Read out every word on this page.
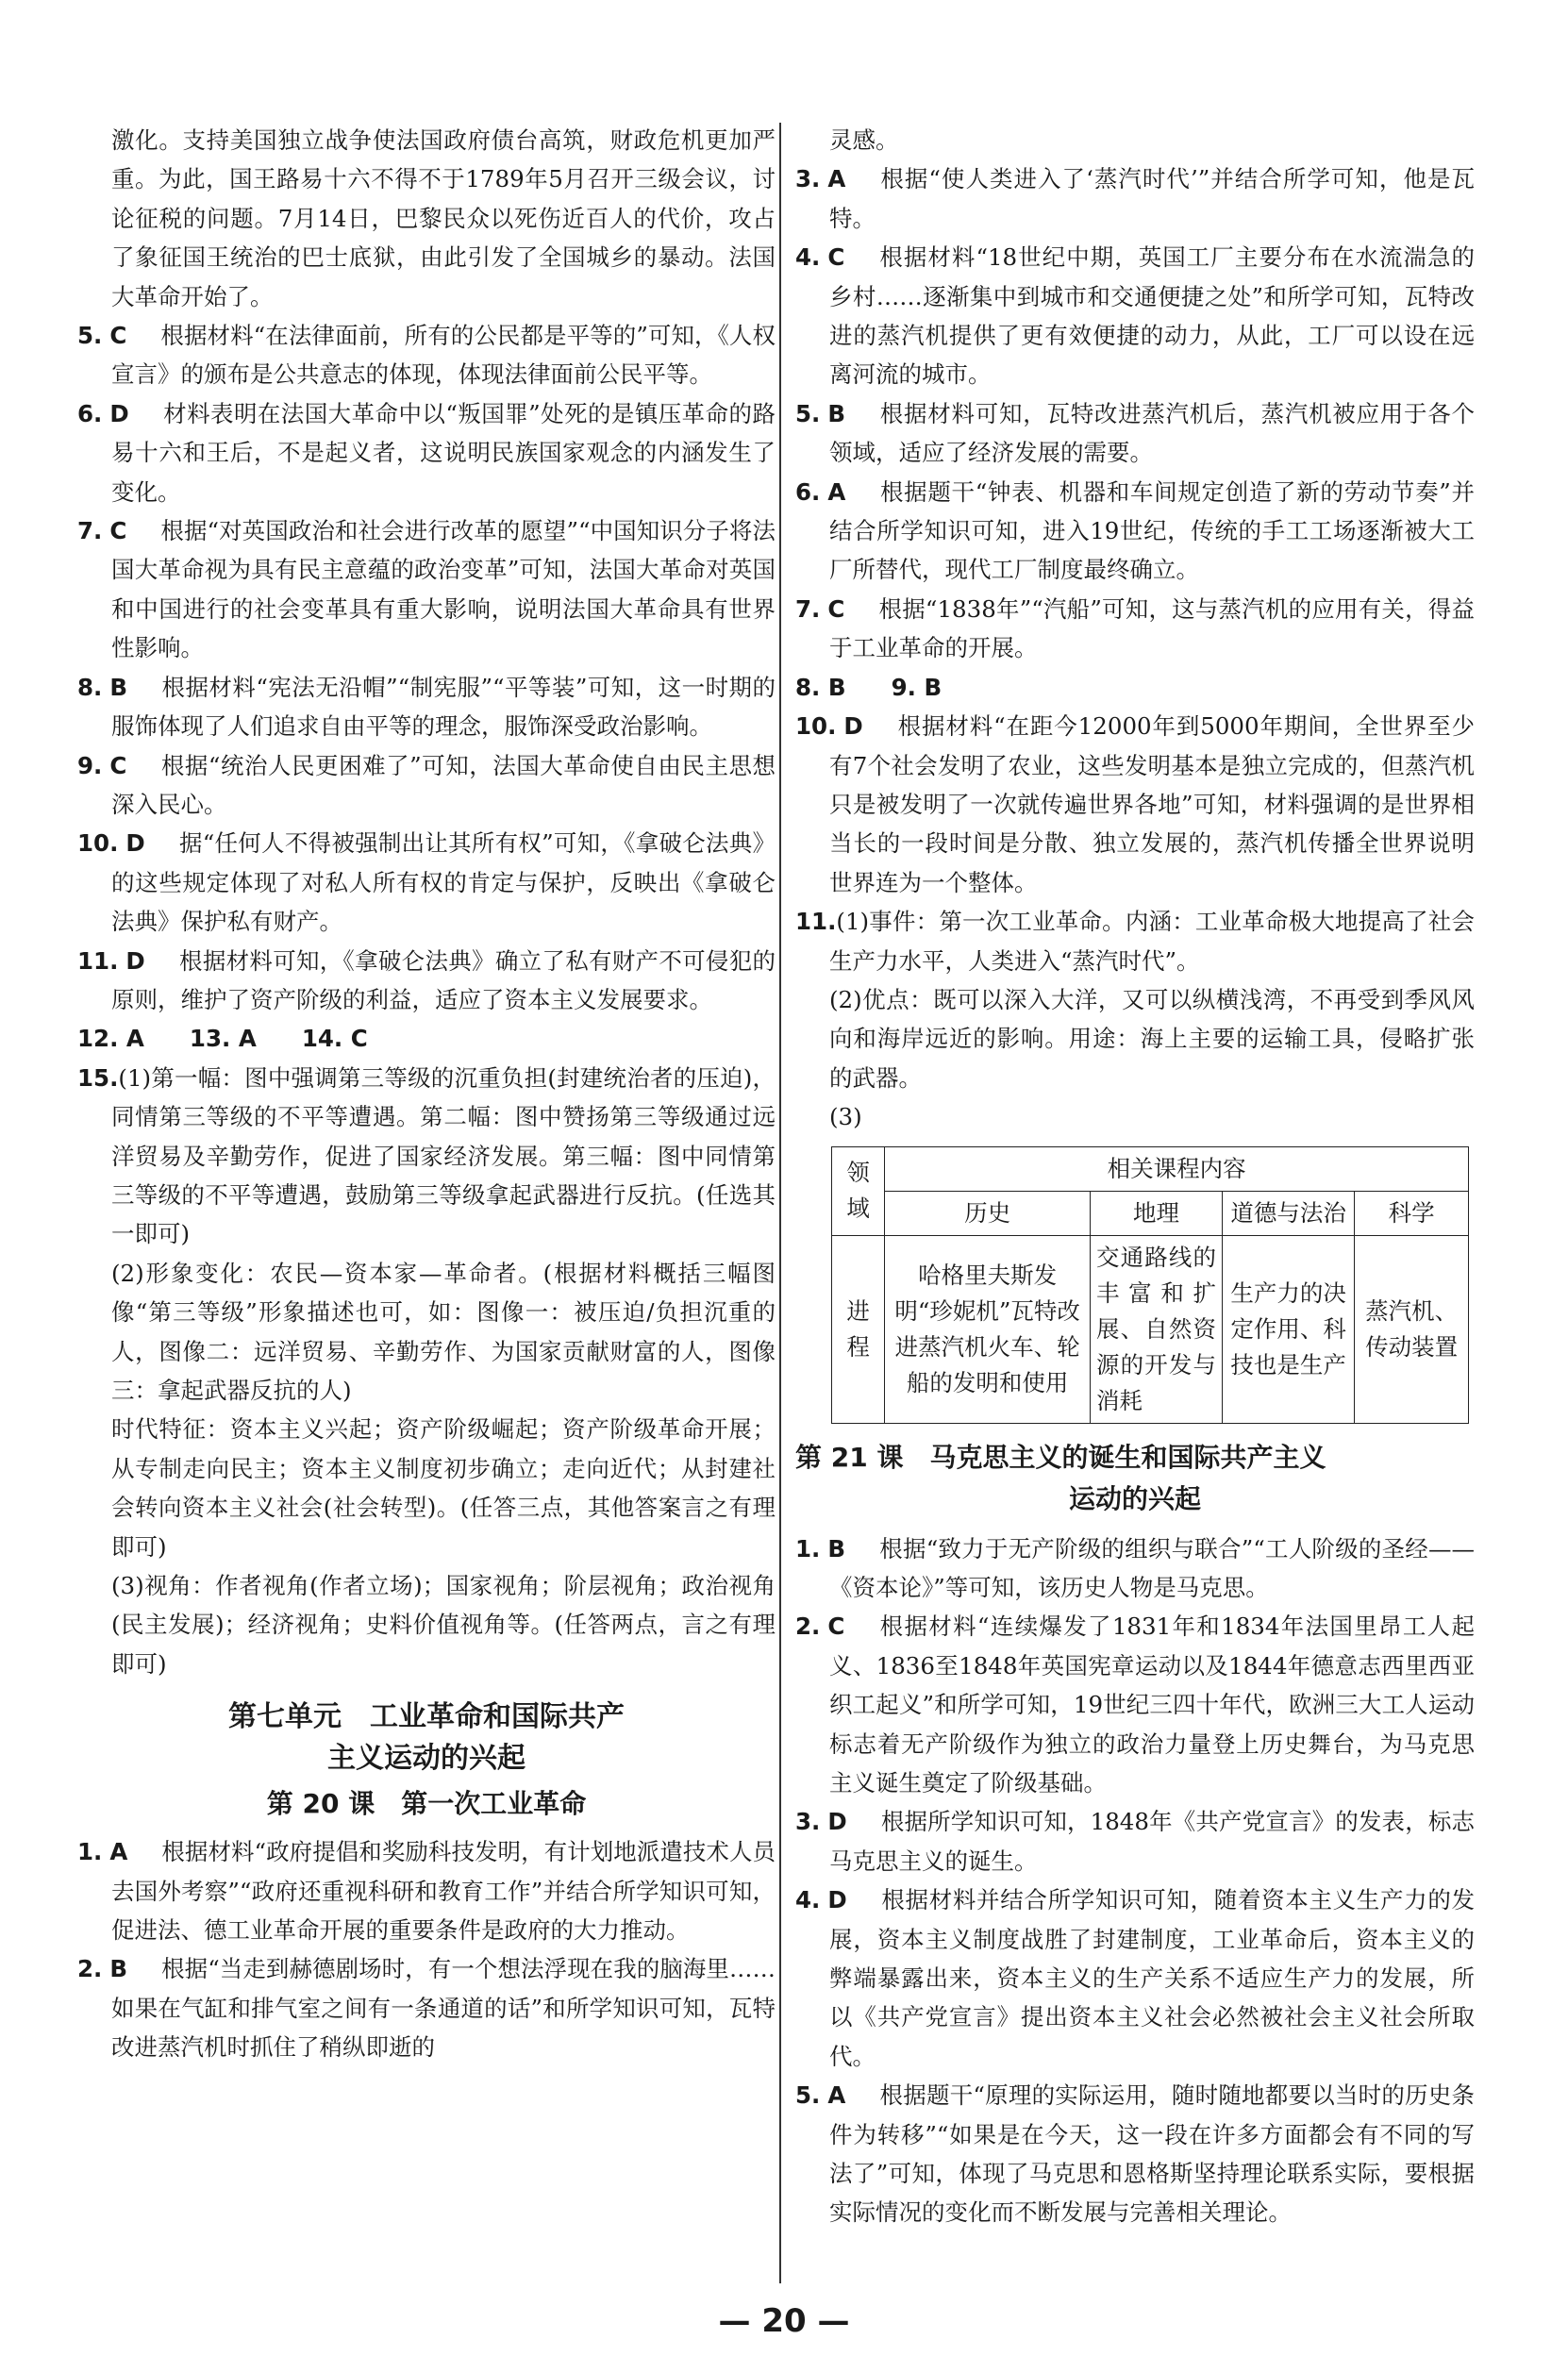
激化。支持美国独立战争使法国政府债台高筑，财政危机更加严重。为此，国王路易十六不得不于1789年5月召开三级会议，讨论征税的问题。7月14日，巴黎民众以死伤近百人的代价，攻占了象征国王统治的巴士底狱，由此引发了全国城乡的暴动。法国大革命开始了。

5. C 根据材料“在法律面前，所有的公民都是平等的”可知，《人权宣言》的颁布是公共意志的体现，体现法律面前公民平等。

6. D 材料表明在法国大革命中以“叛国罪”处死的是镇压革命的路易十六和王后，不是起义者，这说明民族国家观念的内涵发生了变化。

7. C 根据“对英国政治和社会进行改革的愿望”“中国知识分子将法国大革命视为具有民主意蕴的政治变革”可知，法国大革命对英国和中国进行的社会变革具有重大影响，说明法国大革命具有世界性影响。

8. B 根据材料“宪法无沿帽”“制宪服”“平等装”可知，这一时期的服饰体现了人们追求自由平等的理念，服饰深受政治影响。

9. C 根据“统治人民更困难了”可知，法国大革命使自由民主思想深入民心。

10. D 据“任何人不得被强制出让其所有权”可知，《拿破仑法典》的这些规定体现了对私人所有权的肯定与保护，反映出《拿破仑法典》保护私有财产。

11. D 根据材料可知，《拿破仑法典》确立了私有财产不可侵犯的原则，维护了资产阶级的利益，适应了资本主义发展要求。

12. A 13. A 14. C

15.(1)第一幅：图中强调第三等级的沉重负担(封建统治者的压迫)，同情第三等级的不平等遭遇。第二幅：图中赞扬第三等级通过远洋贸易及辛勤劳作，促进了国家经济发展。第三幅：图中同情第三等级的不平等遭遇，鼓励第三等级拿起武器进行反抗。(任选其一即可)

(2)形象变化：农民—资本家—革命者。(根据材料概括三幅图像“第三等级”形象描述也可，如：图像一：被压迫/负担沉重的人，图像二：远洋贸易、辛勤劳作、为国家贡献财富的人，图像三：拿起武器反抗的人)

时代特征：资本主义兴起；资产阶级崛起；资产阶级革命开展；从专制走向民主；资本主义制度初步确立；走向近代；从封建社会转向资本主义社会(社会转型)。(任答三点，其他答案言之有理即可)

(3)视角：作者视角(作者立场)；国家视角；阶层视角；政治视角(民主发展)；经济视角；史料价值视角等。(任答两点，言之有理即可)

第七单元　工业革命和国际共产
主义运动的兴起
第 20 课　第一次工业革命

1. A 根据材料“政府提倡和奖励科技发明，有计划地派遣技术人员去国外考察”“政府还重视科研和教育工作”并结合所学知识可知，促进法、德工业革命开展的重要条件是政府的大力推动。

2. B 根据“当走到赫德剧场时，有一个想法浮现在我的脑海里……如果在气缸和排气室之间有一条通道的话”和所学知识可知，瓦特改进蒸汽机时抓住了稍纵即逝的

灵感。

3. A 根据“使人类进入了‘蒸汽时代’”并结合所学可知，他是瓦特。

4. C 根据材料“18世纪中期，英国工厂主要分布在水流湍急的乡村……逐渐集中到城市和交通便捷之处”和所学可知，瓦特改进的蒸汽机提供了更有效便捷的动力，从此，工厂可以设在远离河流的城市。

5. B 根据材料可知，瓦特改进蒸汽机后，蒸汽机被应用于各个领域，适应了经济发展的需要。

6. A 根据题干“钟表、机器和车间规定创造了新的劳动节奏”并结合所学知识可知，进入19世纪，传统的手工工场逐渐被大工厂所替代，现代工厂制度最终确立。

7. C 根据“1838年”“汽船”可知，这与蒸汽机的应用有关，得益于工业革命的开展。

8. B 9. B

10. D 根据材料“在距今12000年到5000年期间，全世界至少有7个社会发明了农业，这些发明基本是独立完成的，但蒸汽机只是被发明了一次就传遍世界各地”可知，材料强调的是世界相当长的一段时间是分散、独立发展的，蒸汽机传播全世界说明世界连为一个整体。

11.(1)事件：第一次工业革命。内涵：工业革命极大地提高了社会生产力水平，人类进入“蒸汽时代”。

(2)优点：既可以深入大洋，又可以纵横浅湾，不再受到季风风向和海岸远近的影响。用途：海上主要的运输工具，侵略扩张的武器。

(3)

领域	相关课程内容			
	历史	地理	道德与法治	科学
进程	哈格里夫斯发明“珍妮机”瓦特改进蒸汽机火车、轮船的发明和使用	交通路线的丰富和扩展、自然资源的开发与消耗	生产力的决定作用、科技也是生产	蒸汽机、传动装置
第 21 课　马克思主义的诞生和国际共产主义
运动的兴起

1. B 根据“致力于无产阶级的组织与联合”“工人阶级的圣经——《资本论》”等可知，该历史人物是马克思。

2. C 根据材料“连续爆发了1831年和1834年法国里昂工人起义、1836至1848年英国宪章运动以及1844年德意志西里西亚织工起义”和所学可知，19世纪三四十年代，欧洲三大工人运动标志着无产阶级作为独立的政治力量登上历史舞台，为马克思主义诞生奠定了阶级基础。

3. D 根据所学知识可知，1848年《共产党宣言》的发表，标志马克思主义的诞生。

4. D 根据材料并结合所学知识可知，随着资本主义生产力的发展，资本主义制度战胜了封建制度，工业革命后，资本主义的弊端暴露出来，资本主义的生产关系不适应生产力的发展，所以《共产党宣言》提出资本主义社会必然被社会主义社会所取代。

5. A 根据题干“原理的实际运用，随时随地都要以当时的历史条件为转移”“如果是在今天，这一段在许多方面都会有不同的写法了”可知，体现了马克思和恩格斯坚持理论联系实际，要根据实际情况的变化而不断发展与完善相关理论。

— 20 —
